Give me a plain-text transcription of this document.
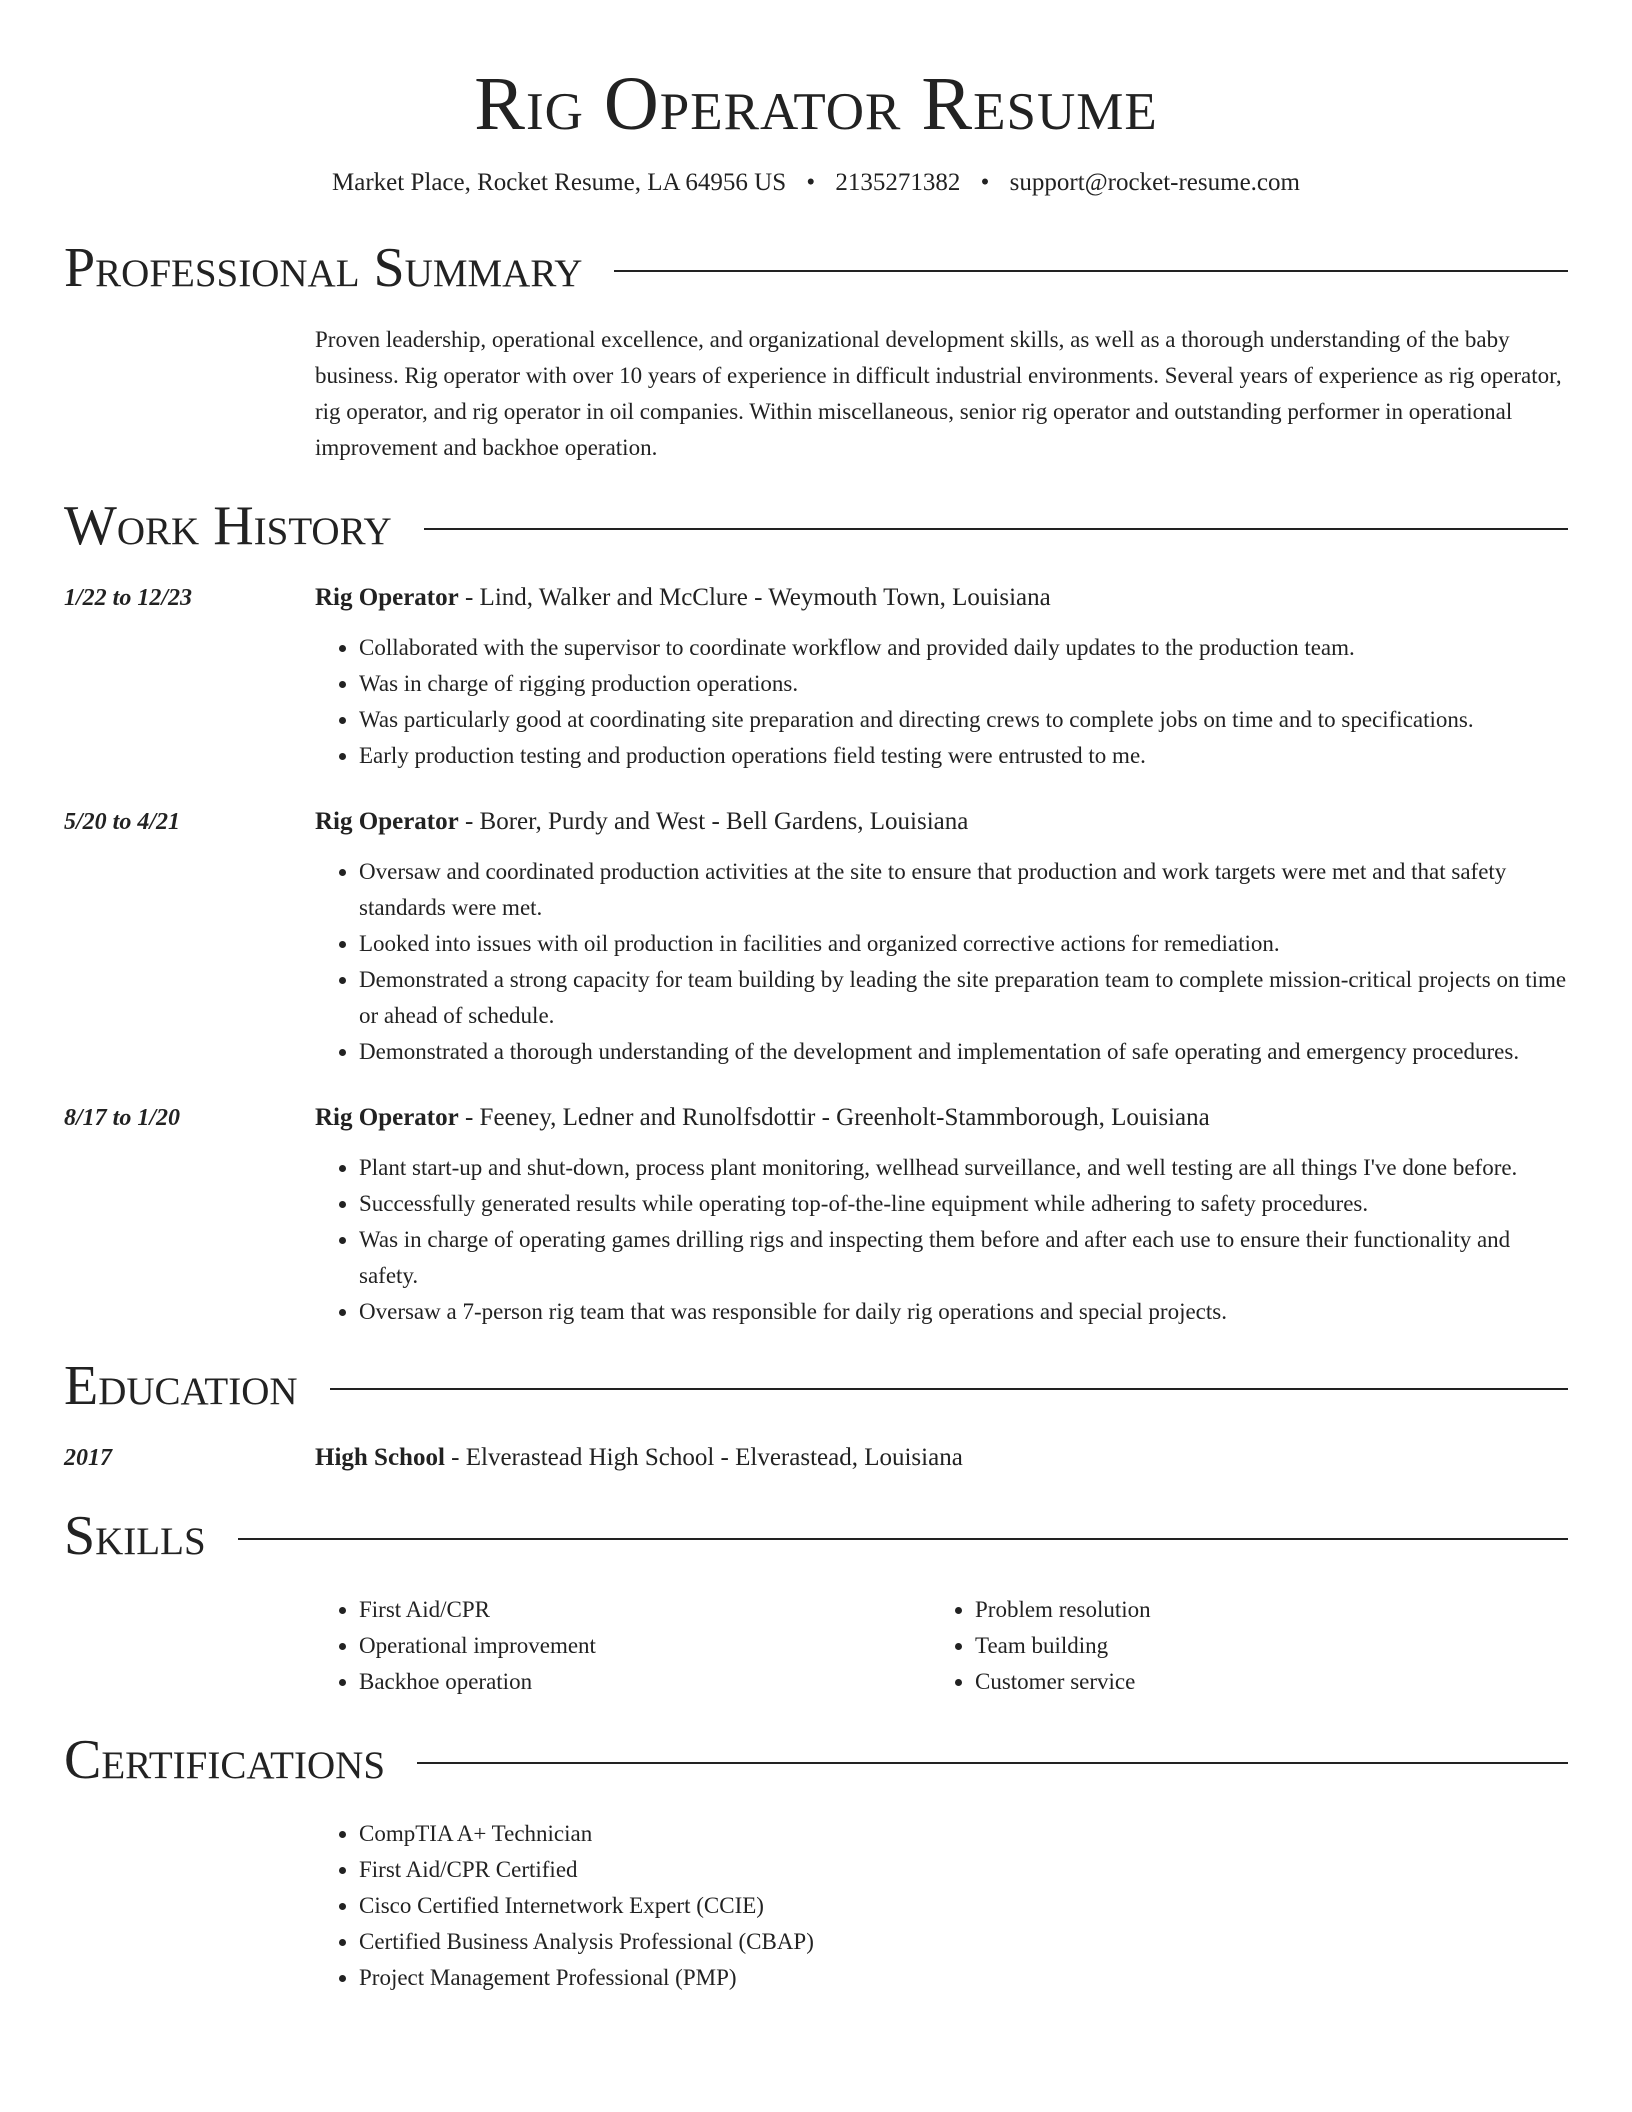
Rig Operator Resume
Market Place, Rocket Resume, LA 64956 US • 2135271382 • support@rocket-resume.com
Professional Summary
Proven leadership, operational excellence, and organizational development skills, as well as a thorough understanding of the baby business. Rig operator with over 10 years of experience in difficult industrial environments. Several years of experience as rig operator, rig operator, and rig operator in oil companies. Within miscellaneous, senior rig operator and outstanding performer in operational improvement and backhoe operation.
Work History
1/22 to 12/23	Rig Operator - Lind, Walker and McClure - Weymouth Town, Louisiana
• Collaborated with the supervisor to coordinate workflow and provided daily updates to the production team.
• Was in charge of rigging production operations.
• Was particularly good at coordinating site preparation and directing crews to complete jobs on time and to specifications.
• Early production testing and production operations field testing were entrusted to me.
5/20 to 4/21	Rig Operator - Borer, Purdy and West - Bell Gardens, Louisiana
• Oversaw and coordinated production activities at the site to ensure that production and work targets were met and that safety standards were met.
• Looked into issues with oil production in facilities and organized corrective actions for remediation.
• Demonstrated a strong capacity for team building by leading the site preparation team to complete mission-critical projects on time or ahead of schedule.
• Demonstrated a thorough understanding of the development and implementation of safe operating and emergency procedures.
8/17 to 1/20	Rig Operator - Feeney, Ledner and Runolfsdottir - Greenholt-Stammborough, Louisiana
• Plant start-up and shut-down, process plant monitoring, wellhead surveillance, and well testing are all things I've done before.
• Successfully generated results while operating top-of-the-line equipment while adhering to safety procedures.
• Was in charge of operating games drilling rigs and inspecting them before and after each use to ensure their functionality and safety.
• Oversaw a 7-person rig team that was responsible for daily rig operations and special projects.
Education
2017	High School - Elverastead High School - Elverastead, Louisiana
Skills
• First Aid/CPR
• Operational improvement
• Backhoe operation
• Problem resolution
• Team building
• Customer service
Certifications
• CompTIA A+ Technician
• First Aid/CPR Certified
• Cisco Certified Internetwork Expert (CCIE)
• Certified Business Analysis Professional (CBAP)
• Project Management Professional (PMP)
